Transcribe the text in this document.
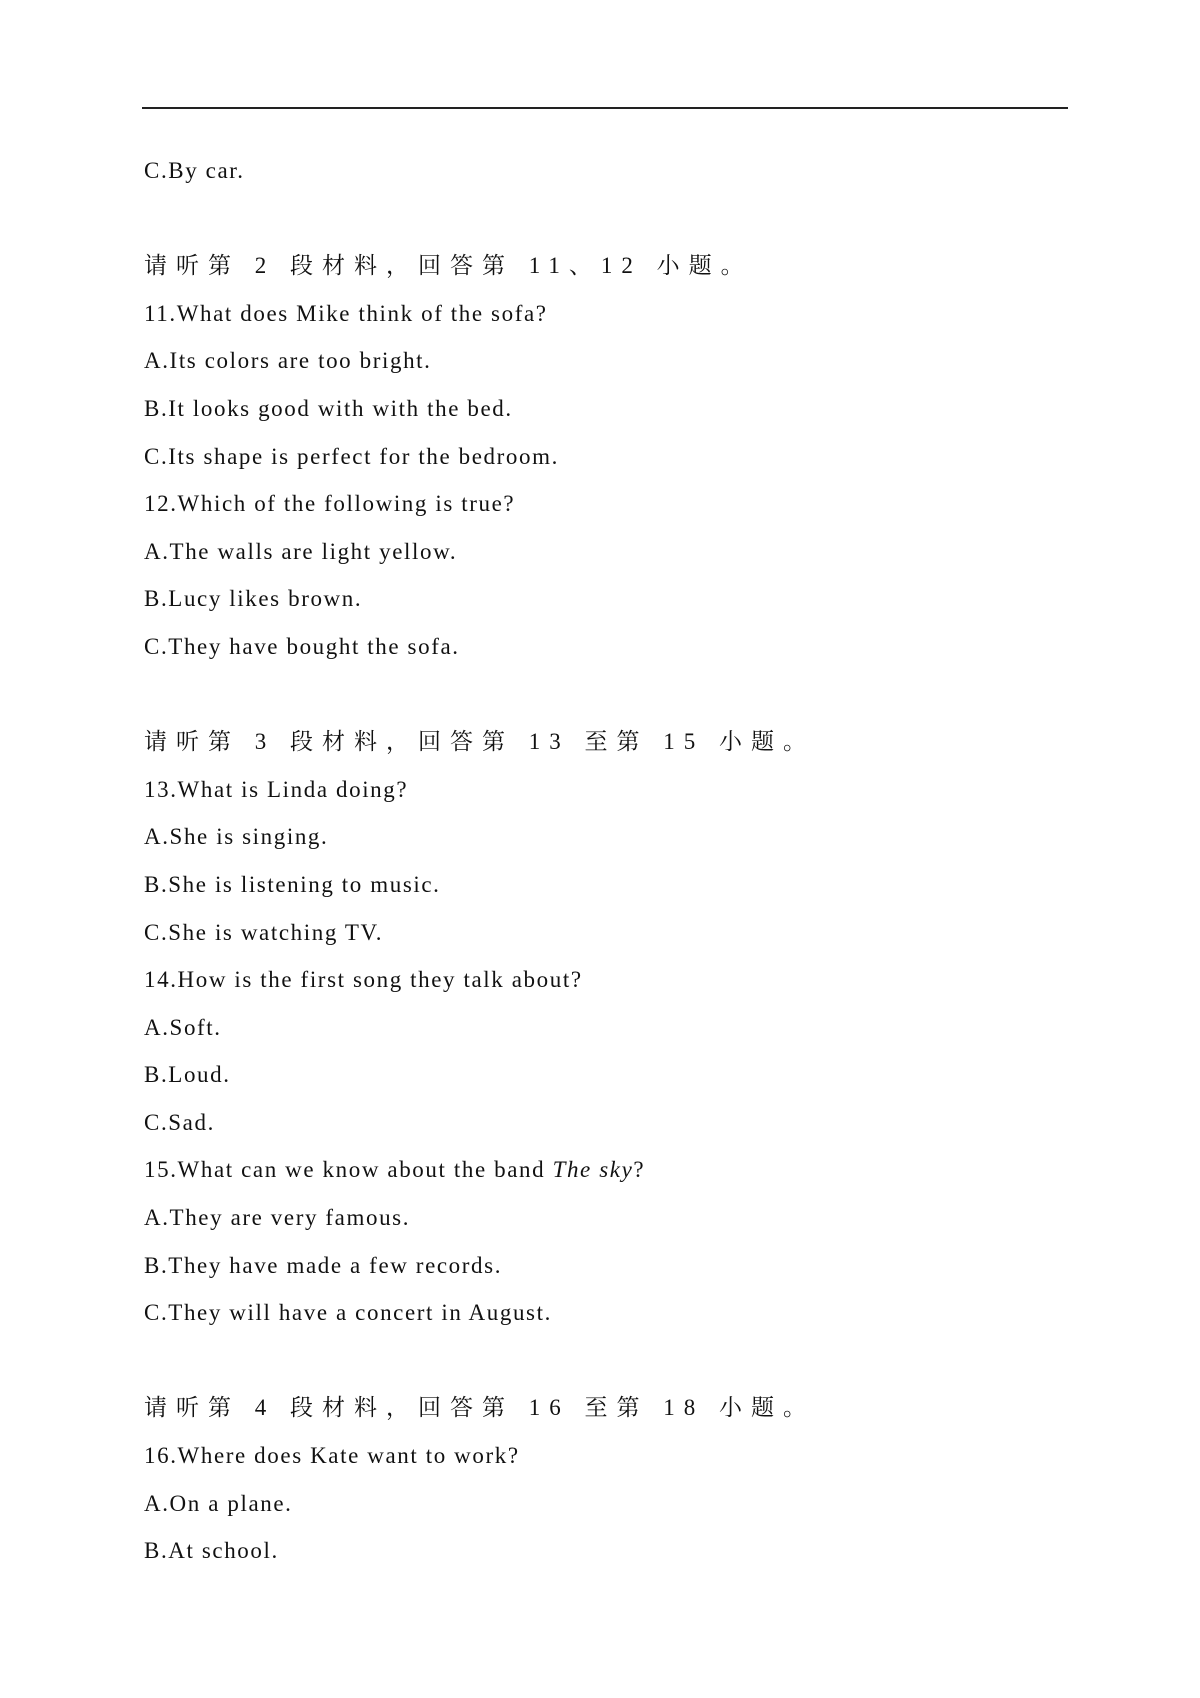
C.By car.
请听第 2 段材料，回答第 11、12 小题。
11.What does Mike think of the sofa?
A.Its colors are too bright.
B.It looks good with with the bed.
C.Its shape is perfect for the bedroom.
12.Which of the following is true?
A.The walls are light yellow.
B.Lucy likes brown.
C.They have bought the sofa.
请听第 3 段材料，回答第 13 至第 15 小题。
13.What is Linda doing?
A.She is singing.
B.She is listening to music.
C.She is watching TV.
14.How is the first song they talk about?
A.Soft.
B.Loud.
C.Sad.
15.What can we know about the band The sky?
A.They are very famous.
B.They have made a few records.
C.They will have a concert in August.
请听第 4 段材料，回答第 16 至第 18 小题。
16.Where does Kate want to work?
A.On a plane.
B.At school.
